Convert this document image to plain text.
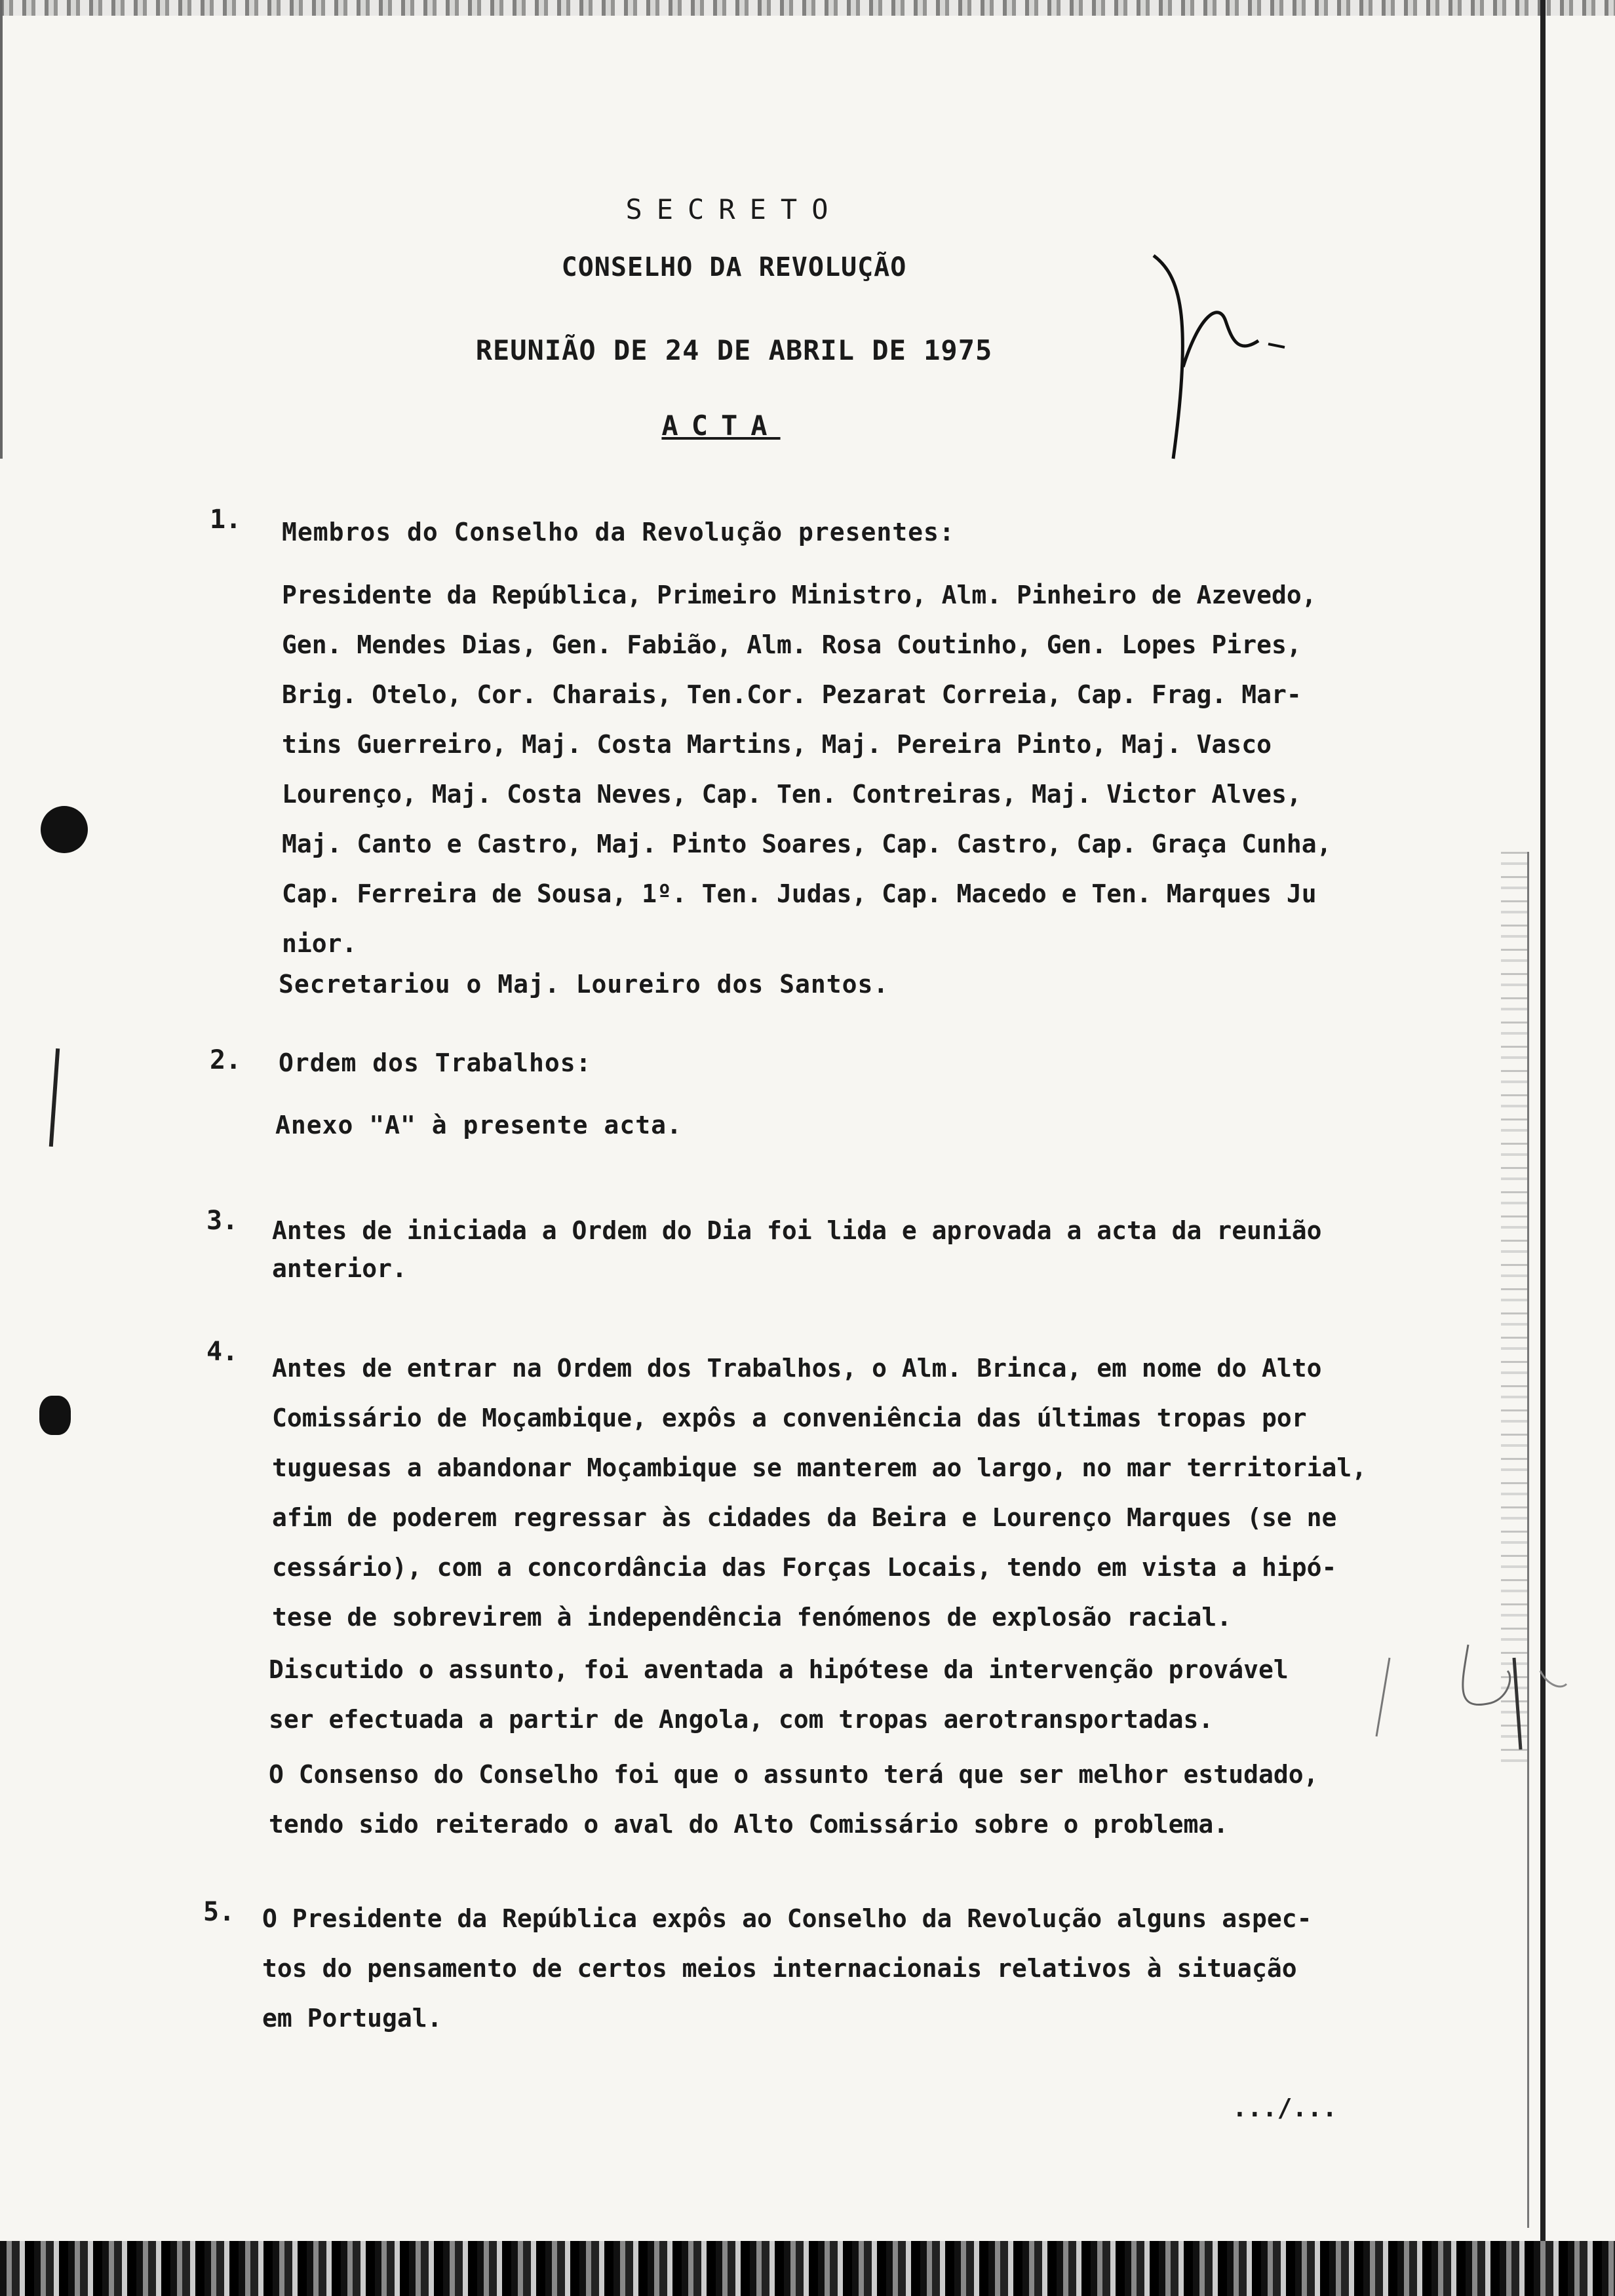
SECRETO
CONSELHO DA REVOLUÇÃO
REUNIÃO DE 24 DE ABRIL DE 1975
ACTA
1. Membros do Conselho da Revolução presentes:
Presidente da República, Primeiro Ministro, Alm. Pinheiro de Azevedo,
Gen. Mendes Dias, Gen. Fabião, Alm. Rosa Coutinho, Gen. Lopes Pires,
Brig. Otelo, Cor. Charais, Ten.Cor. Pezarat Correia, Cap. Frag. Mar-
tins Guerreiro, Maj. Costa Martins, Maj. Pereira Pinto, Maj. Vasco
Lourenço, Maj. Costa Neves, Cap. Ten. Contreiras, Maj. Victor Alves,
Maj. Canto e Castro, Maj. Pinto Soares, Cap. Castro, Cap. Graça Cunha,
Cap. Ferreira de Sousa, 1º. Ten. Judas, Cap. Macedo e Ten. Marques Ju
nior.
Secretariou o Maj. Loureiro dos Santos.
2. Ordem dos Trabalhos:
Anexo "A" à presente acta.
3. Antes de iniciada a Ordem do Dia foi lida e aprovada a acta da reunião
anterior.
4.
Antes de entrar na Ordem dos Trabalhos, o Alm. Brinca, em nome do Alto
Comissário de Moçambique, expôs a conveniência das últimas tropas por
tuguesas a abandonar Moçambique se manterem ao largo, no mar territorial,
afim de poderem regressar às cidades da Beira e Lourenço Marques (se ne
cessário), com a concordância das Forças Locais, tendo em vista a hipó-
tese de sobrevirem à independência fenómenos de explosão racial.
Discutido o assunto, foi aventada a hipótese da intervenção provável
ser efectuada a partir de Angola, com tropas aerotransportadas.
O Consenso do Conselho foi que o assunto terá que ser melhor estudado,
tendo sido reiterado o aval do Alto Comissário sobre o problema.
5. O Presidente da República expôs ao Conselho da Revolução alguns aspec-
tos do pensamento de certos meios internacionais relativos à situação
em Portugal.
.../...
